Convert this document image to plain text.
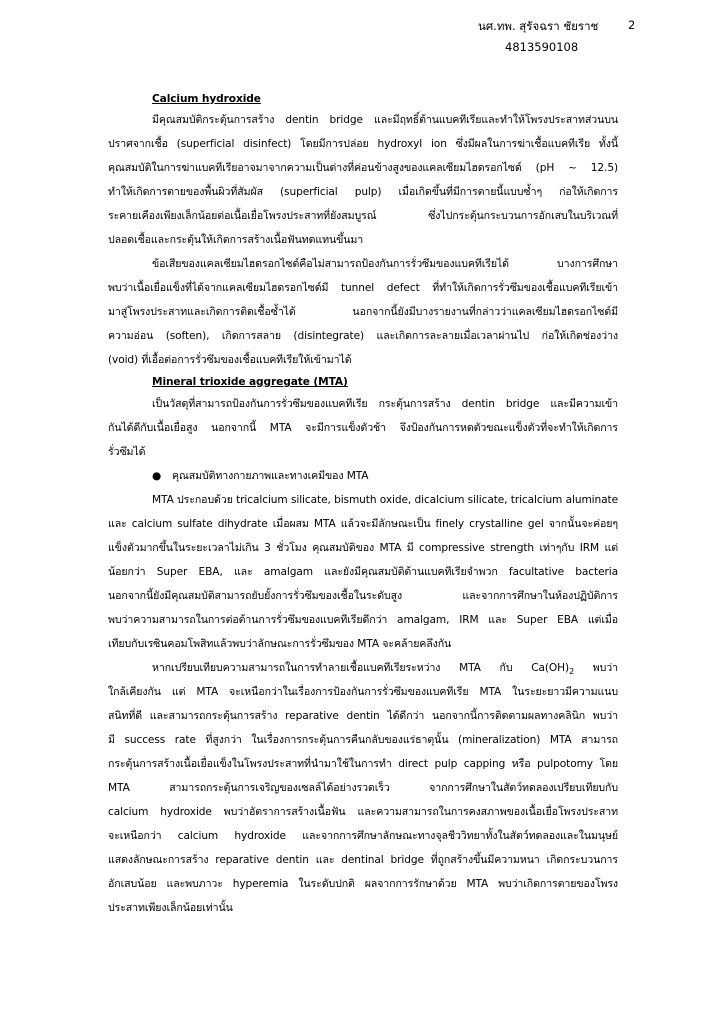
นศ.ทพ. สุรัจฉรา ชัยราช	2
4813590108
Calcium hydroxide
มีคุณสมบัติกระตุ้นการสร้าง dentin bridge และมีฤทธิ์ต้านแบคทีเรียและทำให้โพรงประสาทส่วนบน
ปราศจากเชื้อ (superficial disinfect) โดยมีการปล่อย hydroxyl ion ซึ่งมีผลในการฆ่าเชื้อแบคทีเรีย ทั้งนี้
คุณสมบัติในการฆ่าแบคทีเรียอาจมาจากความเป็นด่างที่ค่อนข้างสูงของแคลเซียมไฮดรอกไซด์ (pH ~ 12.5)
ทำให้เกิดการตายของพื้นผิวที่สัมผัส (superficial pulp) เมื่อเกิดขึ้นที่มีการตายนี้แบบซ้ำๆ ก่อให้เกิดการ
ระคายเคืองเพียงเล็กน้อยต่อเนื้อเยื่อโพรงประสาทที่ยังสมบูรณ์ ซึ่งไปกระตุ้นกระบวนการอักเสบในบริเวณที่
ปลอดเชื้อและกระตุ้นให้เกิดการสร้างเนื้อฟันทดแทนขึ้นมา
ข้อเสียของแคลเซียมไฮดรอกไซด์คือไม่สามารถป้องกันการรั่วซึมของแบคทีเรียได้ บางการศึกษา
พบว่าเนื้อเยื่อแข็งที่ได้จากแคลเซียมไฮดรอกไซด์มี tunnel defect ที่ทำให้เกิดการรั่วซึมของเชื้อแบคทีเรียเข้า
มาสู่โพรงประสาทและเกิดการติดเชื้อซ้ำได้ นอกจากนี้ยังมีบางรายงานที่กล่าวว่าแคลเซียมไฮดรอกไซด์มี
ความอ่อน (soften), เกิดการสลาย (disintegrate) และเกิดการละลายเมื่อเวลาผ่านไป ก่อให้เกิดช่องว่าง
(void) ที่เอื้อต่อการรั่วซึมของเชื้อแบคทีเรียให้เข้ามาได้
Mineral trioxide aggregate (MTA)
เป็นวัสดุที่สามารถป้องกันการรั่วซึมของแบคทีเรีย กระตุ้นการสร้าง dentin bridge และมีความเข้า
กันได้ดีกับเนื้อเยื่อสูง นอกจากนี้ MTA จะมีการแข็งตัวช้า จึงป้องกันการหดตัวขณะแข็งตัวที่จะทำให้เกิดการ
รั่วซึมได้
● คุณสมบัติทางกายภาพและทางเคมีของ MTA
MTA ประกอบด้วย tricalcium silicate, bismuth oxide, dicalcium silicate, tricalcium aluminate
และ calcium sulfate dihydrate เมื่อผสม MTA แล้วจะมีลักษณะเป็น finely crystalline gel จากนั้นจะค่อยๆ
แข็งตัวมากขึ้นในระยะเวลาไม่เกิน 3 ชั่วโมง คุณสมบัติของ MTA มี compressive strength เท่าๆกับ IRM แต่
น้อยกว่า Super EBA, และ amalgam และยังมีคุณสมบัติต้านแบคทีเรียจำพวก facultative bacteria
นอกจากนี้ยังมีคุณสมบัติสามารถยับยั้งการรั่วซึมของเชื้อในระดับสูง และจากการศึกษาในห้องปฏิบัติการ
พบว่าความสามารถในการต่อต้านการรั่วซึมของแบคทีเรียดีกว่า amalgam, IRM และ Super EBA แต่เมื่อ
เทียบกับเรซินคอมโพสิทแล้วพบว่าลักษณะการรั่วซึมของ MTA จะคล้ายคลึงกัน
หากเปรียบเทียบความสามารถในการทำลายเชื้อแบคทีเรียระหว่าง MTA กับ $Ca(OH)_2$ พบว่า
ใกล้เคียงกัน แต่ MTA จะเหนือกว่าในเรื่องการป้องกันการรั่วซึมของแบคทีเรีย MTA ในระยะยาวมีความแนบ
สนิทที่ดี และสามารถกระตุ้นการสร้าง reparative dentin ได้ดีกว่า นอกจากนี้การติดตามผลทางคลินิก พบว่า
มี success rate ที่สูงกว่า ในเรื่องการกระตุ้นการคืนกลับของแร่ธาตุนั้น (mineralization) MTA สามารถ
กระตุ้นการสร้างเนื้อเยื่อแข็งในโพรงประสาทที่นำมาใช้ในการทำ direct pulp capping หรือ pulpotomy โดย
MTA สามารถกระตุ้นการเจริญของเซลล์ได้อย่างรวดเร็ว จากการศึกษาในสัตว์ทดลองเปรียบเทียบกับ
calcium hydroxide พบว่าอัตราการสร้างเนื้อฟัน และความสามารถในการคงสภาพของเนื้อเยื่อโพรงประสาท
จะเหนือกว่า calcium hydroxide และจากการศึกษาลักษณะทางจุลชีววิทยาทั้งในสัตว์ทดลองและในมนุษย์
แสดงลักษณะการสร้าง reparative dentin และ dentinal bridge ที่ถูกสร้างขึ้นมีความหนา เกิดกระบวนการ
อักเสบน้อย และพบภาวะ hyperemia ในระดับปกติ ผลจากการรักษาด้วย MTA พบว่าเกิดการตายของโพรง
ประสาทเพียงเล็กน้อยเท่านั้น
